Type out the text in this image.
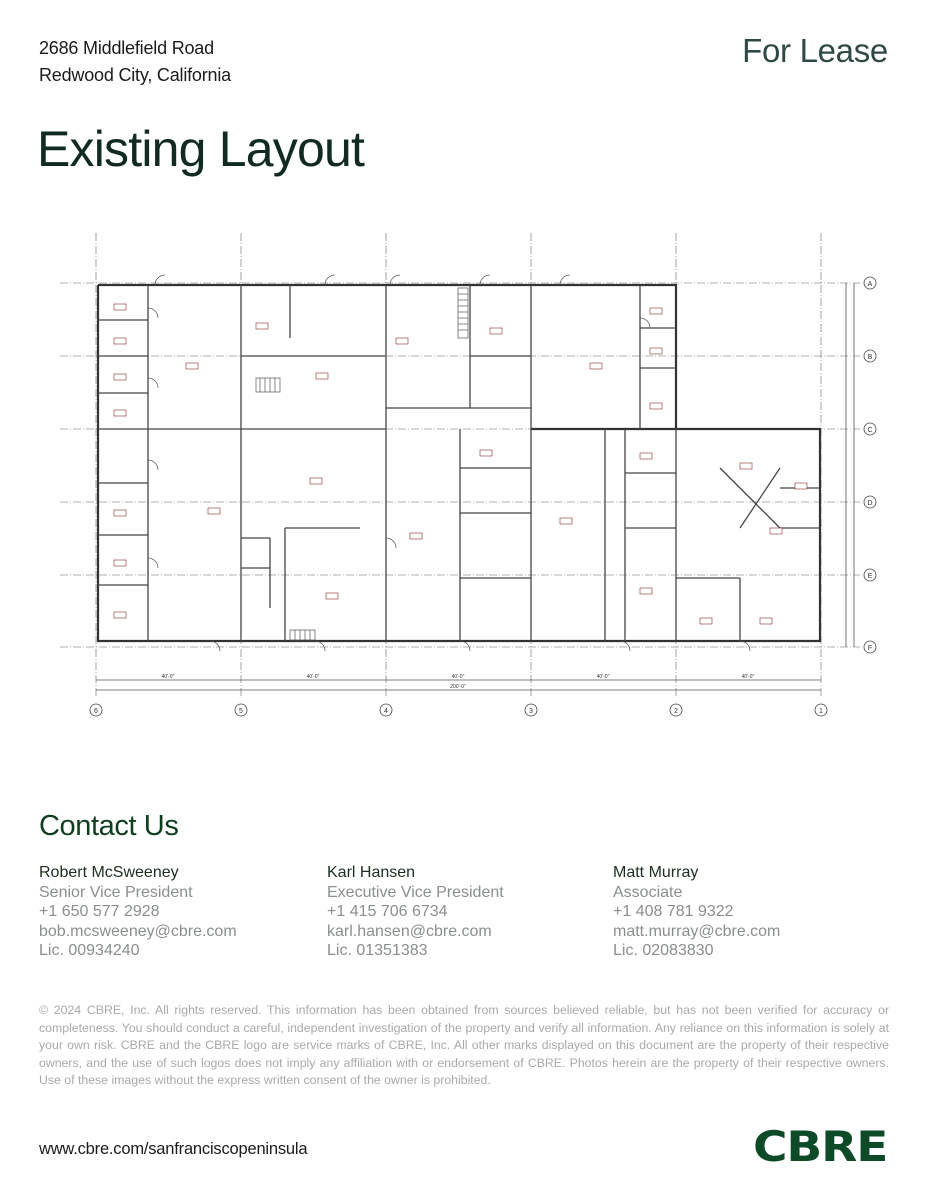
2686 Middlefield Road
Redwood City, California
For Lease
Existing Layout
A
B
C
D
E
F
6	5	4	3	2	1
40'-0"	40'-0"	40'-0"	40'-0"	40'-0"
200'-0"
Contact Us
Robert McSweeney
Senior Vice President
+1 650 577 2928
bob.mcsweeney@cbre.com
Lic. 00934240
Karl Hansen
Executive Vice President
+1 415 706 6734
karl.hansen@cbre.com
Lic. 01351383
Matt Murray
Associate
+1 408 781 9322
matt.murray@cbre.com
Lic. 02083830
© 2024 CBRE, Inc. All rights reserved. This information has been obtained from sources believed reliable, but has not been verified for accuracy or completeness. You should conduct a careful, independent investigation of the property and verify all information. Any reliance on this information is solely at your own risk. CBRE and the CBRE logo are service marks of CBRE, Inc. All other marks displayed on this document are the property of their respective owners, and the use of such logos does not imply any affiliation with or endorsement of CBRE. Photos herein are the property of their respective owners. Use of these images without the express written consent of the owner is prohibited.
www.cbre.com/sanfranciscopeninsula	CBRE
